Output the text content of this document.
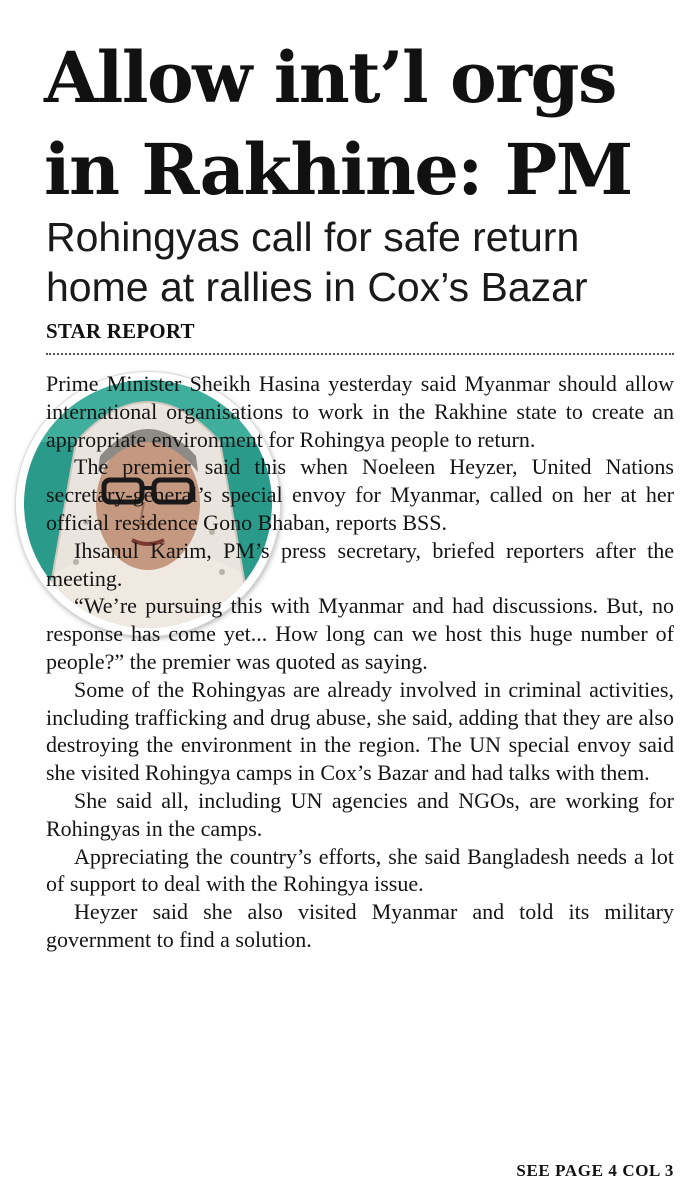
Allow int’l orgs
in Rakhine: PM
Rohingyas call for safe return
home at rallies in Cox’s Bazar
STAR REPORT

Prime Minister Sheikh Hasina yesterday said Myanmar should allow international organisations to work in the Rakhine state to create an appropriate environment for Rohingya people to return.

The premier said this when Noeleen Heyzer, United Nations secretary-general’s special envoy for Myanmar, called on her at her official residence Gono Bhaban, reports BSS.

Ihsanul Karim, PM’s press secretary, briefed reporters after the meeting.

“We’re pursuing this with Myanmar and had discussions. But, no response has come yet... How long can we host this huge number of people?” the premier was quoted as saying.

Some of the Rohingyas are already involved in criminal activities, including trafficking and drug abuse, she said, adding that they are also destroying the environment in the region. The UN special envoy said she visited Rohingya camps in Cox’s Bazar and had talks with them.

She said all, including UN agencies and NGOs, are working for Rohingyas in the camps.

Appreciating the country’s efforts, she said Bangladesh needs a lot of support to deal with the Rohingya issue.

Heyzer said she also visited Myanmar and told its military government to find a solution.

SEE PAGE 4 COL 3
